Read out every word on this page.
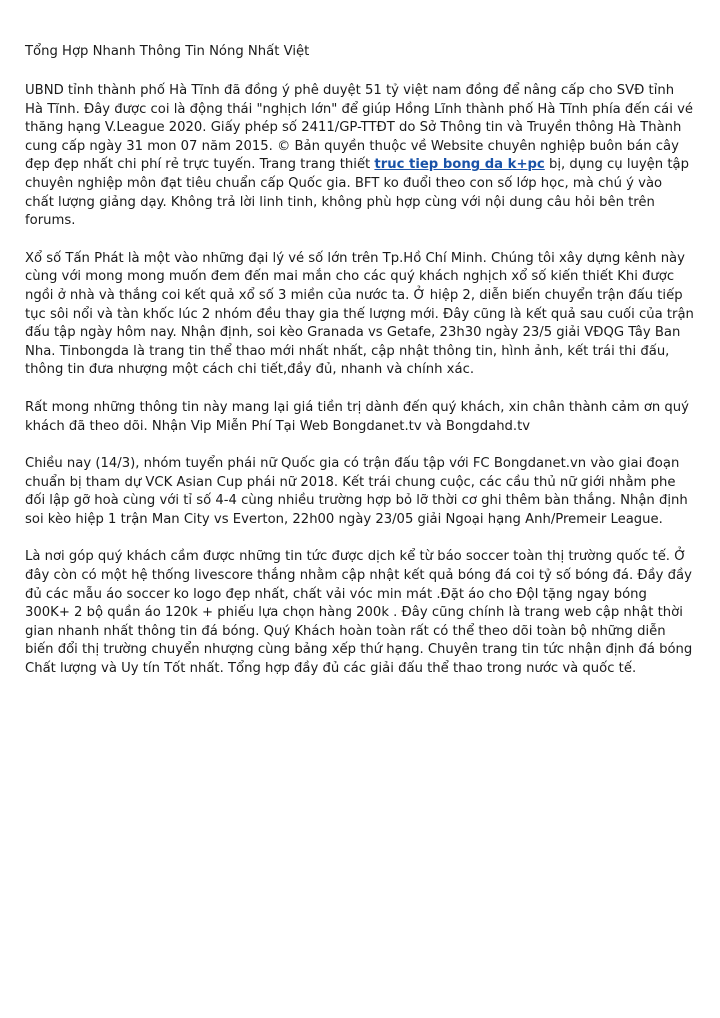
Tổng Hợp Nhanh Thông Tin Nóng Nhất Việt

UBND tỉnh thành phố Hà Tĩnh đã đồng ý phê duyệt 51 tỷ việt nam đồng để nâng cấp cho SVĐ tỉnh Hà Tĩnh. Đây được coi là động thái "nghịch lớn" để giúp Hồng Lĩnh thành phố Hà Tĩnh phía đến cái vé thăng hạng V.League 2020. Giấy phép số 2411/GP-TTĐT do Sở Thông tin và Truyền thông Hà Thành cung cấp ngày 31 mon 07 năm 2015. © Bản quyền thuộc về Website chuyên nghiệp buôn bán cây đẹp đẹp nhất chi phí rẻ trực tuyến. Trang trang thiết truc tiep bong da k+pc bị, dụng cụ luyện tập chuyên nghiệp môn đạt tiêu chuẩn cấp Quốc gia. BFT ko đuổi theo con số lớp học, mà chú ý vào chất lượng giảng dạy. Không trả lời linh tinh, không phù hợp cùng với nội dung câu hỏi bên trên forums.

Xổ số Tấn Phát là một vào những đại lý vé số lớn trên Tp.Hồ Chí Minh. Chúng tôi xây dựng kênh này cùng với mong mong muốn đem đến mai mắn cho các quý khách nghịch xổ số kiến thiết Khi được ngồi ở nhà và thắng coi kết quả xổ số 3 miền của nước ta. Ở hiệp 2, diễn biến chuyển trận đấu tiếp tục sôi nổi và tàn khốc lúc 2 nhóm đều thay gia thế lượng mới. Đây cũng là kết quả sau cuối của trận đấu tập ngày hôm nay. Nhận định, soi kèo Granada vs Getafe, 23h30 ngày 23/5 giải VĐQG Tây Ban Nha. Tinbongda là trang tin thể thao mới nhất nhất, cập nhật thông tin, hình ảnh, kết trái thi đấu, thông tin đưa nhượng một cách chi tiết,đầy đủ, nhanh và chính xác.

Rất mong những thông tin này mang lại giá tiền trị dành đến quý khách, xin chân thành cảm ơn quý khách đã theo dõi. Nhận Vip Miễn Phí Tại Web Bongdanet.tv và Bongdahd.tv

Chiều nay (14/3), nhóm tuyển phái nữ Quốc gia có trận đấu tập với FC Bongdanet.vn vào giai đoạn chuẩn bị tham dự VCK Asian Cup phái nữ 2018. Kết trái chung cuộc, các cầu thủ nữ giới nhằm phe đối lập gỡ hoà cùng với tỉ số 4-4 cùng nhiều trường hợp bỏ lỡ thời cơ ghi thêm bàn thắng. Nhận định soi kèo hiệp 1 trận Man City vs Everton, 22h00 ngày 23/05 giải Ngoại hạng Anh/Premeir League.

Là nơi góp quý khách cầm được những tin tức được dịch kể từ báo soccer toàn thị trường quốc tế. Ở đây còn có một hệ thống livescore thắng nhằm cập nhật kết quả bóng đá coi tỷ số bóng đá. Đầy đầy đủ các mẫu áo soccer ko logo đẹp nhất, chất vải vóc min mát .Đặt áo cho ĐộI tặng ngay bóng 300K+ 2 bộ quần áo 120k + phiếu lựa chọn hàng 200k . Đây cũng chính là trang web cập nhật thời gian nhanh nhất thông tin đá bóng. Quý Khách hoàn toàn rất có thể theo dõi toàn bộ những diễn biến đổi thị trường chuyển nhượng cùng bảng xếp thứ hạng. Chuyên trang tin tức nhận định đá bóng Chất lượng và Uy tín Tốt nhất. Tổng hợp đầy đủ các giải đấu thể thao trong nước và quốc tế.
